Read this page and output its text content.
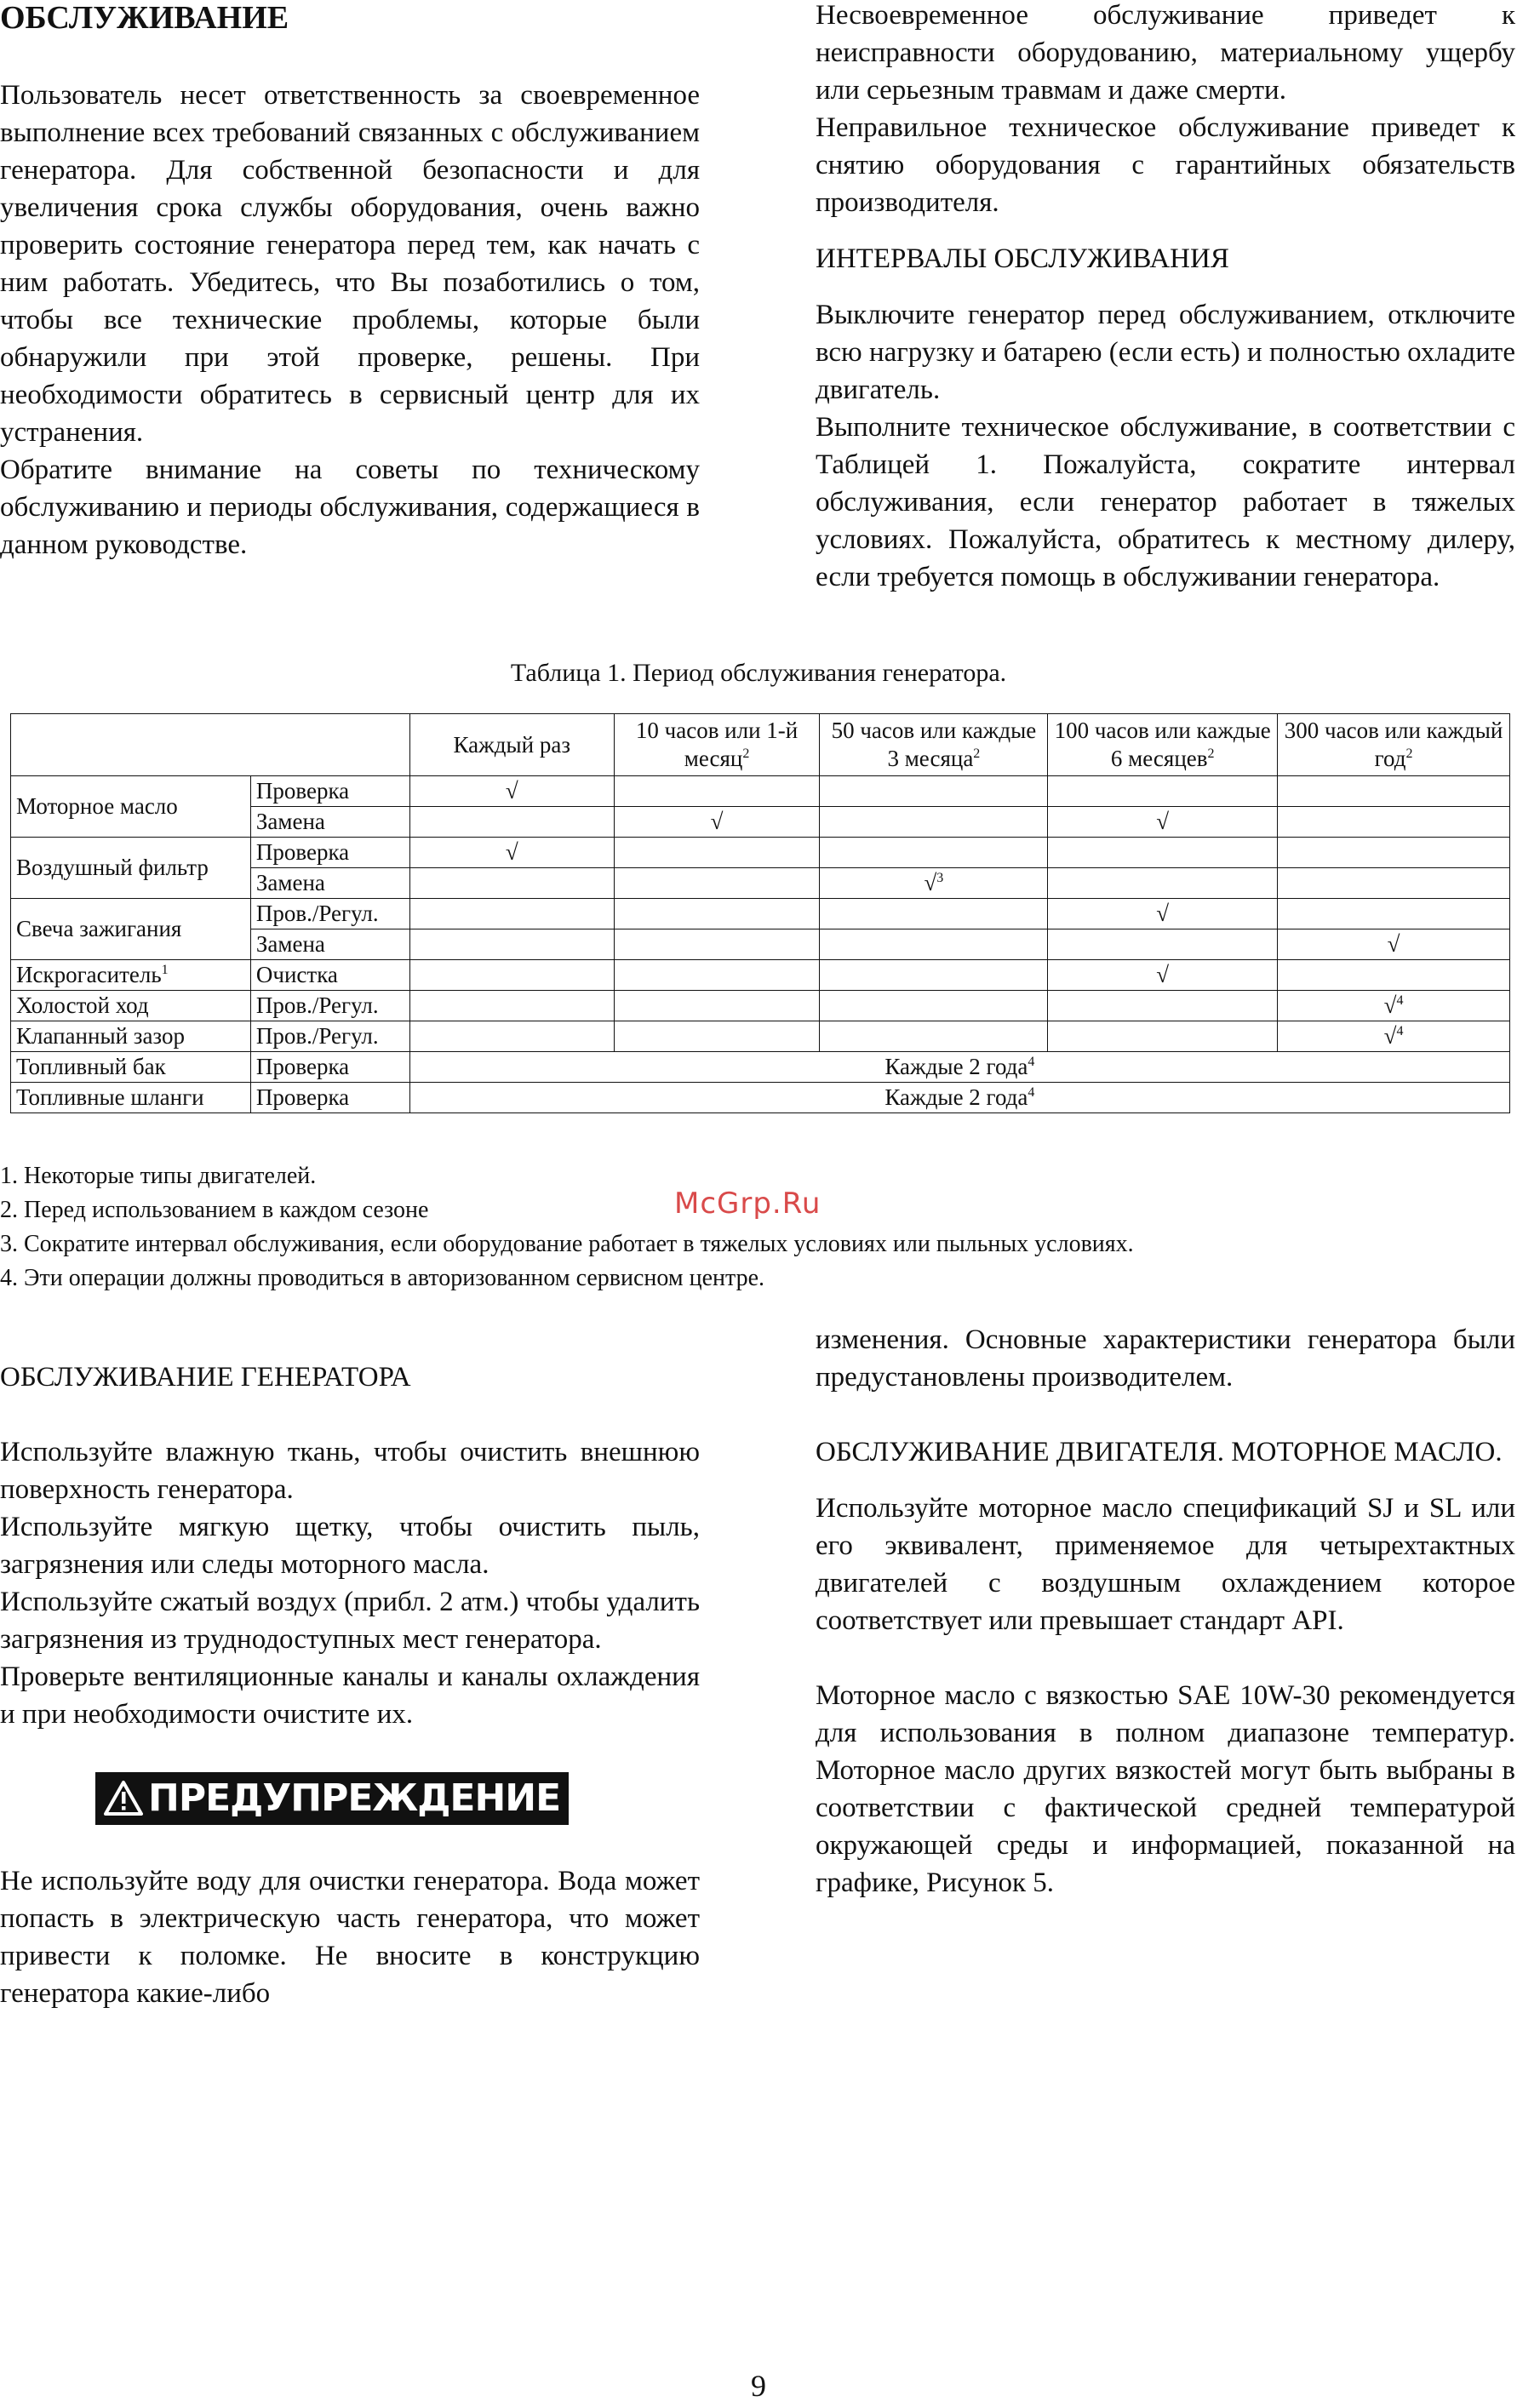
ОБСЛУЖИВАНИЕ

Пользователь несет ответственность за своевременное выполнение всех требований связанных с обслуживанием генератора. Для собственной безопасности и для увеличения срока службы оборудования, очень важно проверить состояние генератора перед тем, как начать с ним работать. Убедитесь, что Вы позаботились о том, чтобы все технические проблемы, которые были обнаружили при этой проверке, решены. При необходимости обратитесь в сервисный центр для их устранения.

Обратите внимание на советы по техническому обслуживанию и периоды обслуживания, содержащиеся в данном руководстве.

Несвоевременное обслуживание приведет к неисправности оборудованию, материальному ущербу или серьезным травмам и даже смерти.

Неправильное техническое обслуживание приведет к снятию оборудования с гарантийных обязательств производителя.

ИНТЕРВАЛЫ ОБСЛУЖИВАНИЯ

Выключите генератор перед обслуживанием, отключите всю нагрузку и батарею (если есть) и полностью охладите двигатель.

Выполните техническое обслуживание, в соответствии с Таблицей 1. Пожалуйста, сократите интервал обслуживания, если генератор работает в тяжелых условиях. Пожалуйста, обратитесь к местному дилеру, если требуется помощь в обслуживании генератора.

Таблица 1. Период обслуживания генератора.
		Каждый раз	10 часов или 1-й месяц$^2$	50 часов или каждые 3 месяца$^2$	100 часов или каждые 6 месяцев$^2$	300 часов или каждый год$^2$
Моторное масло	Проверка	√				
	Замена		√		√	
Воздушный фильтр	Проверка	√				
	Замена			√$^3$		
Свеча зажигания	Пров./Регул.				√	
	Замена					√
Искрогаситель$^1$	Очистка				√	
Холостой ход	Пров./Регул.					√$^4$
Клапанный зазор	Пров./Регул.					√$^4$
Топливный бак	Проверка	Каждые 2 года$^4$
Топливные шланги	Проверка	Каждые 2 года$^4$
1. Некоторые типы двигателей.
2. Перед использованием в каждом сезоне
3. Сократите интервал обслуживания, если оборудование работает в тяжелых условиях или пыльных условиях.
4. Эти операции должны проводиться в авторизованном сервисном центре.
McGrp.Ru
ОБСЛУЖИВАНИЕ ГЕНЕРАТОРА

Используйте влажную ткань, чтобы очистить внешнюю поверхность генератора.

Используйте мягкую щетку, чтобы очистить пыль, загрязнения или следы моторного масла.

Используйте сжатый воздух (прибл. 2 атм.) чтобы удалить загрязнения из труднодоступных мест генератора.

Проверьте вентиляционные каналы и каналы охлаждения и при необходимости очистите их.

ПРЕДУПРЕЖДЕНИЕ

Не используйте воду для очистки генератора. Вода может попасть в электрическую часть генератора, что может привести к поломке. Не вносите в конструкцию генератора какие-либо

изменения. Основные характеристики генератора были предустановлены производителем.

ОБСЛУЖИВАНИЕ ДВИГАТЕЛЯ. МОТОРНОЕ МАСЛО.

Используйте моторное масло спецификаций SJ и SL или его эквивалент, применяемое для четырехтактных двигателей с воздушным охлаждением которое соответствует или превышает стандарт API.

Моторное масло с вязкостью SAE 10W-30 рекомендуется для использования в полном диапазоне температур. Моторное масло других вязкостей могут быть выбраны в соответствии с фактической средней температурой окружающей среды и информацией, показанной на графике, Рисунок 5.

9
